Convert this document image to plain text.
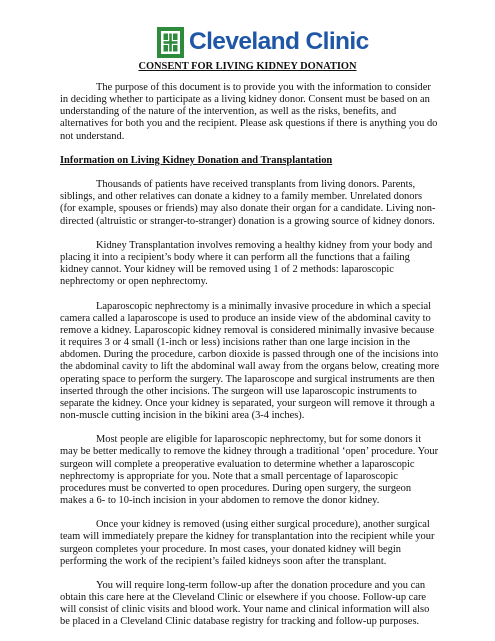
Cleveland Clinic
CONSENT FOR LIVING KIDNEY DONATION

The purpose of this document is to provide you with the information to consider in deciding whether to participate as a living kidney donor. Consent must be based on an understanding of the nature of the intervention, as well as the risks, benefits, and alternatives for both you and the recipient. Please ask questions if there is anything you do not understand.

Information on Living Kidney Donation and Transplantation

Thousands of patients have received transplants from living donors. Parents, siblings, and other relatives can donate a kidney to a family member. Unrelated donors (for example, spouses or friends) may also donate their organ for a candidate. Living non-directed (altruistic or stranger-to-stranger) donation is a growing source of kidney donors.

Kidney Transplantation involves removing a healthy kidney from your body and placing it into a recipient’s body where it can perform all the functions that a failing kidney cannot. Your kidney will be removed using 1 of 2 methods: laparoscopic nephrectomy or open nephrectomy.

Laparoscopic nephrectomy is a minimally invasive procedure in which a special camera called a laparoscope is used to produce an inside view of the abdominal cavity to remove a kidney. Laparoscopic kidney removal is considered minimally invasive because it requires 3 or 4 small (1-inch or less) incisions rather than one large incision in the abdomen. During the procedure, carbon dioxide is passed through one of the incisions into the abdominal cavity to lift the abdominal wall away from the organs below, creating more operating space to perform the surgery. The laparoscope and surgical instruments are then inserted through the other incisions. The surgeon will use laparoscopic instruments to separate the kidney. Once your kidney is separated, your surgeon will remove it through a non-muscle cutting incision in the bikini area (3-4 inches).

Most people are eligible for laparoscopic nephrectomy, but for some donors it may be better medically to remove the kidney through a traditional ‘open’ procedure. Your surgeon will complete a preoperative evaluation to determine whether a laparoscopic nephrectomy is appropriate for you. Note that a small percentage of laparoscopic procedures must be converted to open procedures. During open surgery, the surgeon makes a 6- to 10-inch incision in your abdomen to remove the donor kidney.

Once your kidney is removed (using either surgical procedure), another surgical team will immediately prepare the kidney for transplantation into the recipient while your surgeon completes your procedure. In most cases, your donated kidney will begin performing the work of the recipient’s failed kidneys soon after the transplant.

You will require long-term follow-up after the donation procedure and you can obtain this care here at the Cleveland Clinic or elsewhere if you choose. Follow-up care will consist of clinic visits and blood work. Your name and clinical information will also be placed in a Cleveland Clinic database registry for tracking and follow-up purposes.
